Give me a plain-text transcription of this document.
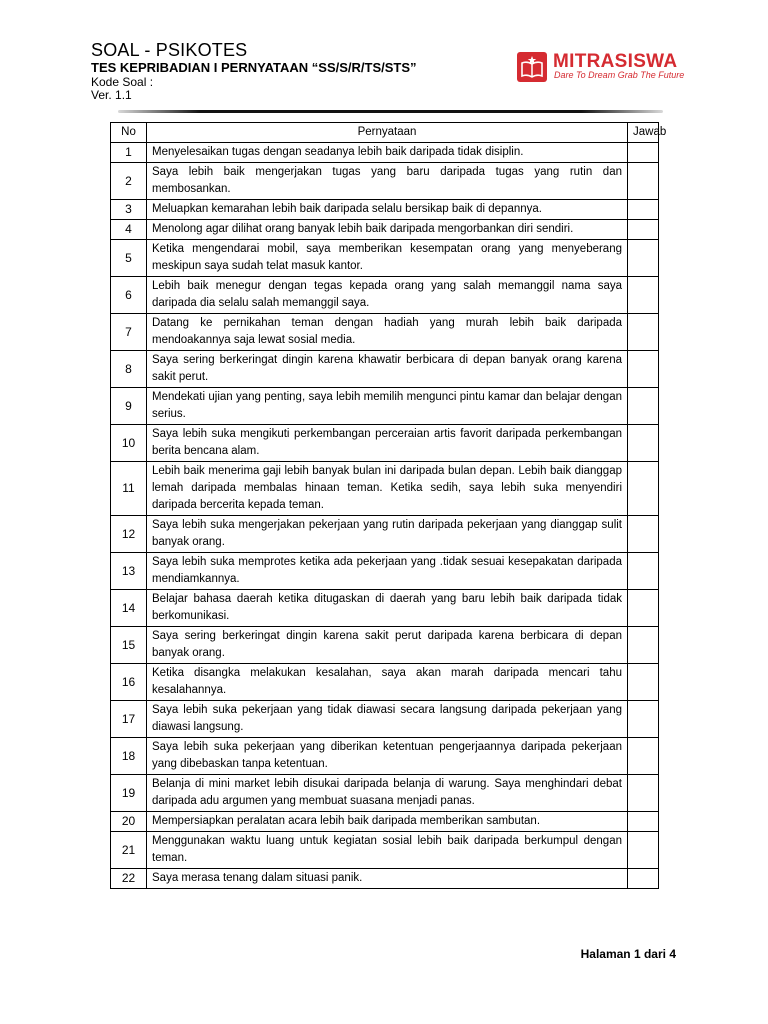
SOAL - PSIKOTES
TES KEPRIBADIAN I PERNYATAAN “SS/S/R/TS/STS”
Kode Soal :
Ver. 1.1
MITRASISWA
Dare To Dream Grab The Future
No	Pernyataan	Jawab
1	Menyelesaikan tugas dengan seadanya lebih baik daripada tidak disiplin.	
2	Saya lebih baik mengerjakan tugas yang baru daripada tugas yang rutin dan membosankan.	
3	Meluapkan kemarahan lebih baik daripada selalu bersikap baik di depannya.	
4	Menolong agar dilihat orang banyak lebih baik daripada mengorbankan diri sendiri.	
5	Ketika mengendarai mobil, saya memberikan kesempatan orang yang menyeberang meskipun saya sudah telat masuk kantor.	
6	Lebih baik menegur dengan tegas kepada orang yang salah memanggil nama saya daripada dia selalu salah memanggil saya.	
7	Datang ke pernikahan teman dengan hadiah yang murah lebih baik daripada mendoakannya saja lewat sosial media.	
8	Saya sering berkeringat dingin karena khawatir berbicara di depan banyak orang karena sakit perut.	
9	Mendekati ujian yang penting, saya lebih memilih mengunci pintu kamar dan belajar dengan serius.	
10	Saya lebih suka mengikuti perkembangan perceraian artis favorit daripada perkembangan berita bencana alam.	
11	Lebih baik menerima gaji lebih banyak bulan ini daripada bulan depan. Lebih baik dianggap lemah daripada membalas hinaan teman. Ketika sedih, saya lebih suka menyendiri daripada bercerita kepada teman.	
12	Saya lebih suka mengerjakan pekerjaan yang rutin daripada pekerjaan yang dianggap sulit banyak orang.	
13	Saya lebih suka memprotes ketika ada pekerjaan yang .tidak sesuai kesepakatan daripada mendiamkannya.	
14	Belajar bahasa daerah ketika ditugaskan di daerah yang baru lebih baik daripada tidak berkomunikasi.	
15	Saya sering berkeringat dingin karena sakit perut daripada karena berbicara di depan banyak orang.	
16	Ketika disangka melakukan kesalahan, saya akan marah daripada mencari tahu kesalahannya.	
17	Saya lebih suka pekerjaan yang tidak diawasi secara langsung daripada pekerjaan yang diawasi langsung.	
18	Saya lebih suka pekerjaan yang diberikan ketentuan pengerjaannya daripada pekerjaan yang dibebaskan tanpa ketentuan.	
19	Belanja di mini market lebih disukai daripada belanja di warung. Saya menghindari debat daripada adu argumen yang membuat suasana menjadi panas.	
20	Mempersiapkan peralatan acara lebih baik daripada memberikan sambutan.	
21	Menggunakan waktu luang untuk kegiatan sosial lebih baik daripada berkumpul dengan teman.	
22	Saya merasa tenang dalam situasi panik.	
Halaman 1 dari 4
